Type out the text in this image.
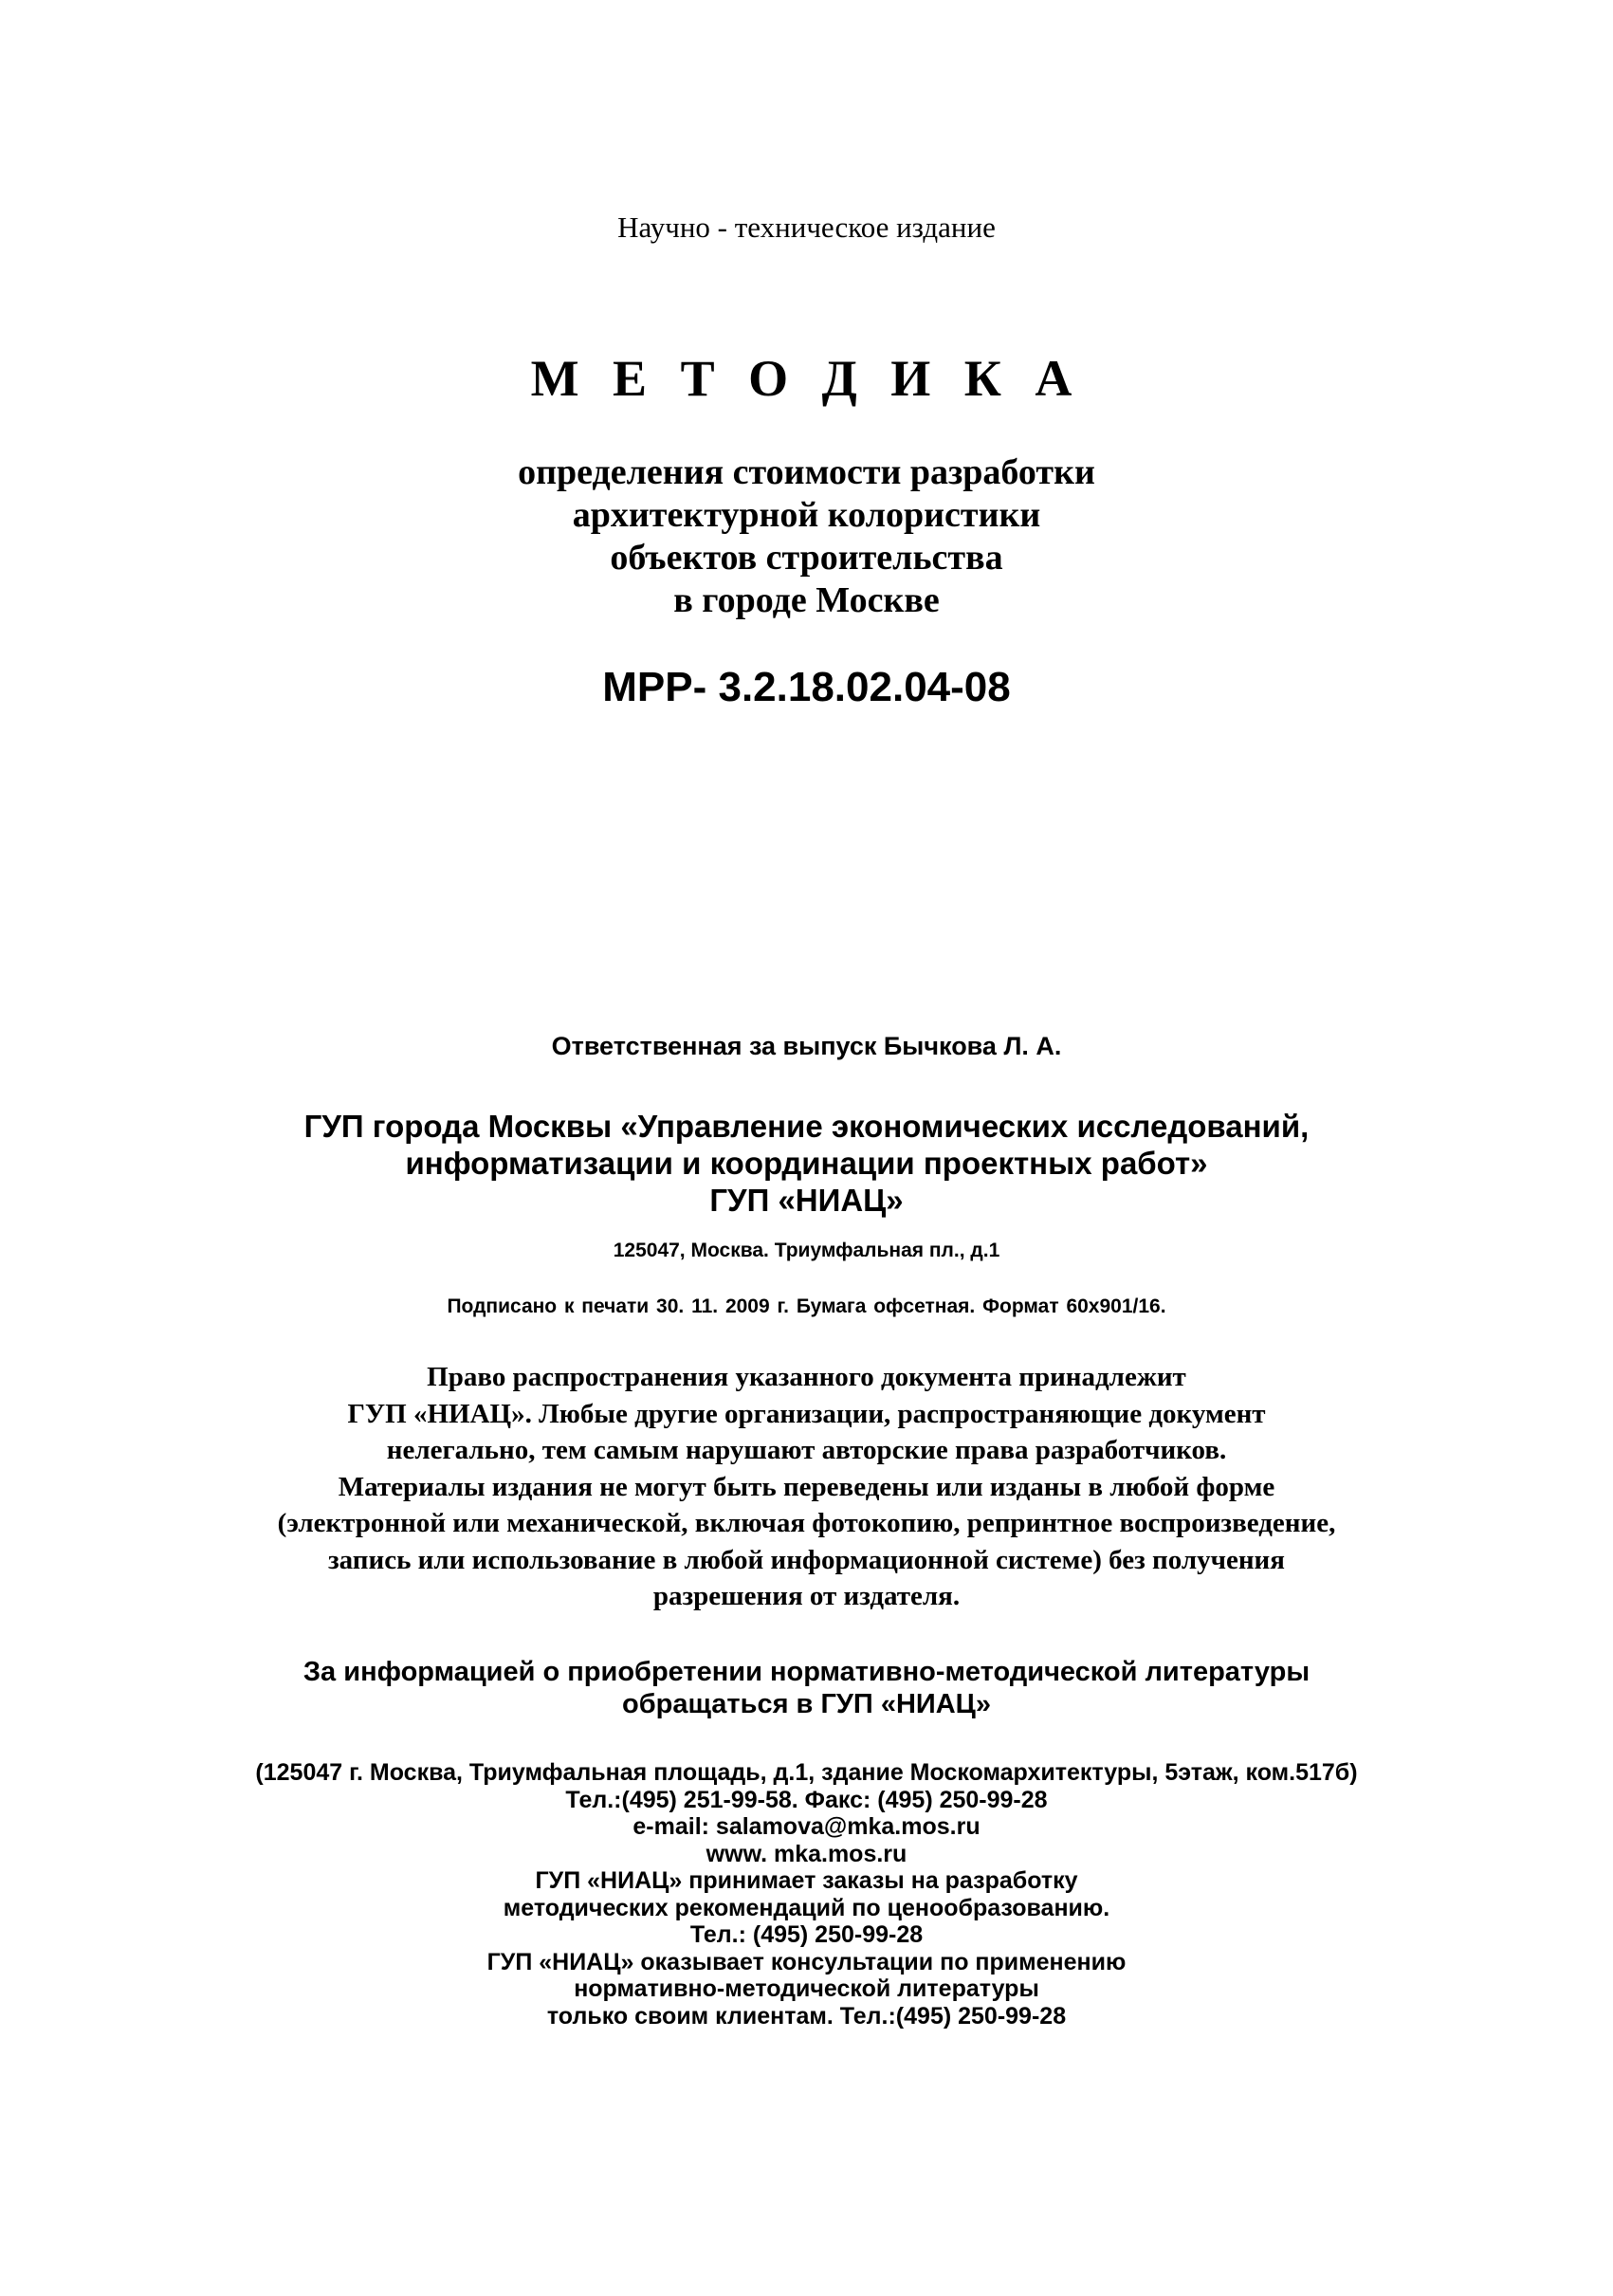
Научно - техническое издание
М Е Т О Д И К А
определения стоимости разработки
архитектурной колористики
объектов строительства
в городе Москве
МРР- 3.2.18.02.04-08
Ответственная за выпуск Бычкова Л. А.
ГУП города Москвы «Управление экономических исследований,
информатизации и координации проектных работ»
ГУП «НИАЦ»
125047, Москва. Триумфальная пл., д.1
Подписано к печати 30. 11. 2009 г. Бумага офсетная. Формат 60х901/16.
Право распространения указанного документа принадлежит
ГУП «НИАЦ». Любые другие организации, распространяющие документ
нелегально, тем самым нарушают авторские права разработчиков.
Материалы издания не могут быть переведены или изданы в любой форме
(электронной или механической, включая фотокопию, репринтное воспроизведение,
запись или использование в любой информационной системе) без получения
разрешения от издателя.
За информацией о приобретении нормативно-методической литературы
обращаться в ГУП «НИАЦ»
(125047 г. Москва, Триумфальная площадь, д.1, здание Москомархитектуры, 5этаж, ком.517б)
Тел.:(495) 251-99-58. Факс: (495) 250-99-28
e-mail: salamova@mka.mos.ru
www. mka.mos.ru
ГУП «НИАЦ» принимает заказы на разработку
методических рекомендаций по ценообразованию.
Тел.: (495) 250-99-28
ГУП «НИАЦ» оказывает консультации по применению
нормативно-методической литературы
только своим клиентам. Тел.:(495) 250-99-28
